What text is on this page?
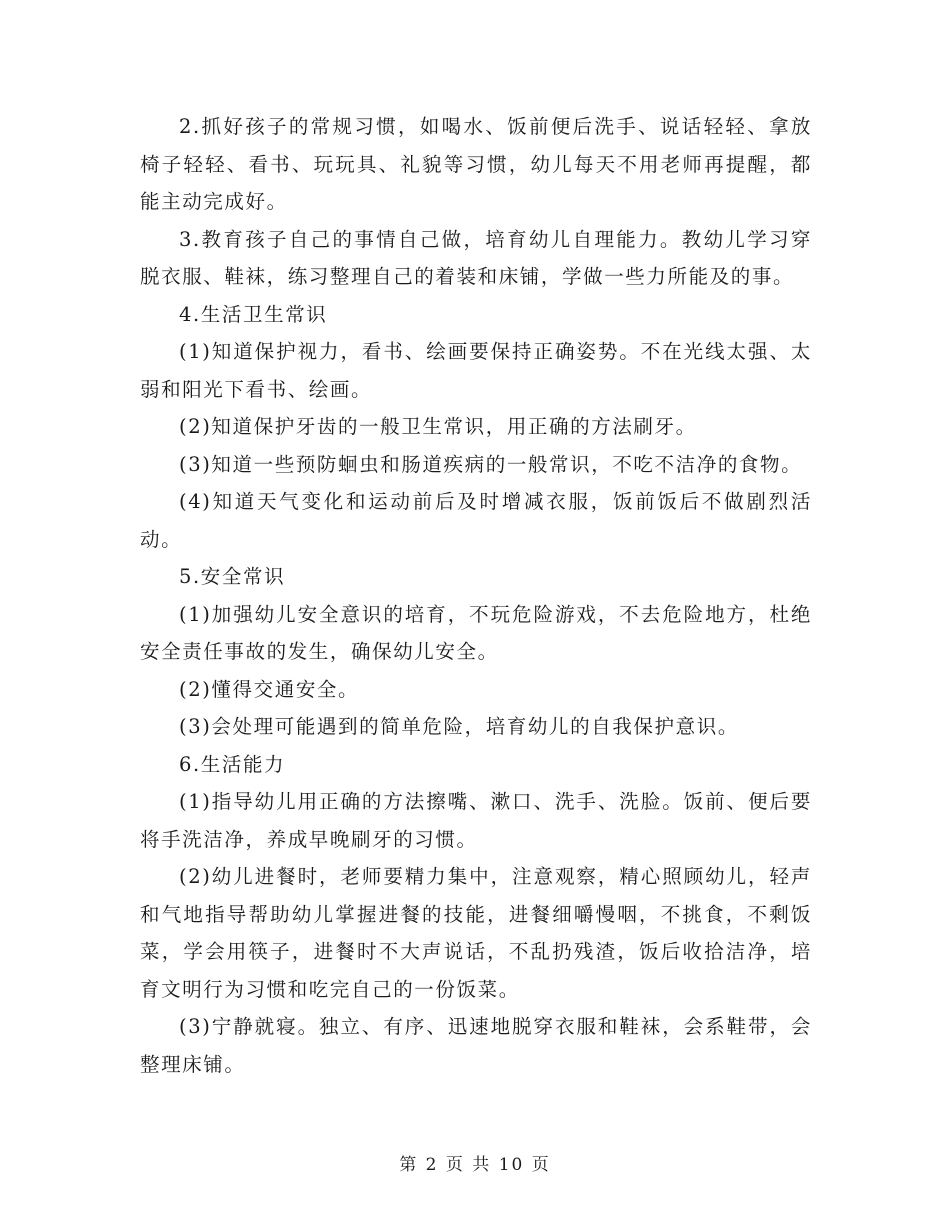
2.抓好孩子的常规习惯，如喝水、饭前便后洗手、说话轻轻、拿放椅子轻轻、看书、玩玩具、礼貌等习惯，幼儿每天不用老师再提醒，都能主动完成好。

3.教育孩子自己的事情自己做，培育幼儿自理能力。教幼儿学习穿脱衣服、鞋袜，练习整理自己的着装和床铺，学做一些力所能及的事。

4.生活卫生常识

(1)知道保护视力，看书、绘画要保持正确姿势。不在光线太强、太弱和阳光下看书、绘画。

(2)知道保护牙齿的一般卫生常识，用正确的方法刷牙。

(3)知道一些预防蛔虫和肠道疾病的一般常识，不吃不洁净的食物。

(4)知道天气变化和运动前后及时增减衣服，饭前饭后不做剧烈活动。

5.安全常识

(1)加强幼儿安全意识的培育，不玩危险游戏，不去危险地方，杜绝安全责任事故的发生，确保幼儿安全。

(2)懂得交通安全。

(3)会处理可能遇到的简单危险，培育幼儿的自我保护意识。

6.生活能力

(1)指导幼儿用正确的方法擦嘴、漱口、洗手、洗脸。饭前、便后要将手洗洁净，养成早晚刷牙的习惯。

(2)幼儿进餐时，老师要精力集中，注意观察，精心照顾幼儿，轻声和气地指导帮助幼儿掌握进餐的技能，进餐细嚼慢咽，不挑食，不剩饭菜，学会用筷子，进餐时不大声说话，不乱扔残渣，饭后收拾洁净，培育文明行为习惯和吃完自己的一份饭菜。

(3)宁静就寝。独立、有序、迅速地脱穿衣服和鞋袜，会系鞋带，会整理床铺。

第 2 页 共 10 页
